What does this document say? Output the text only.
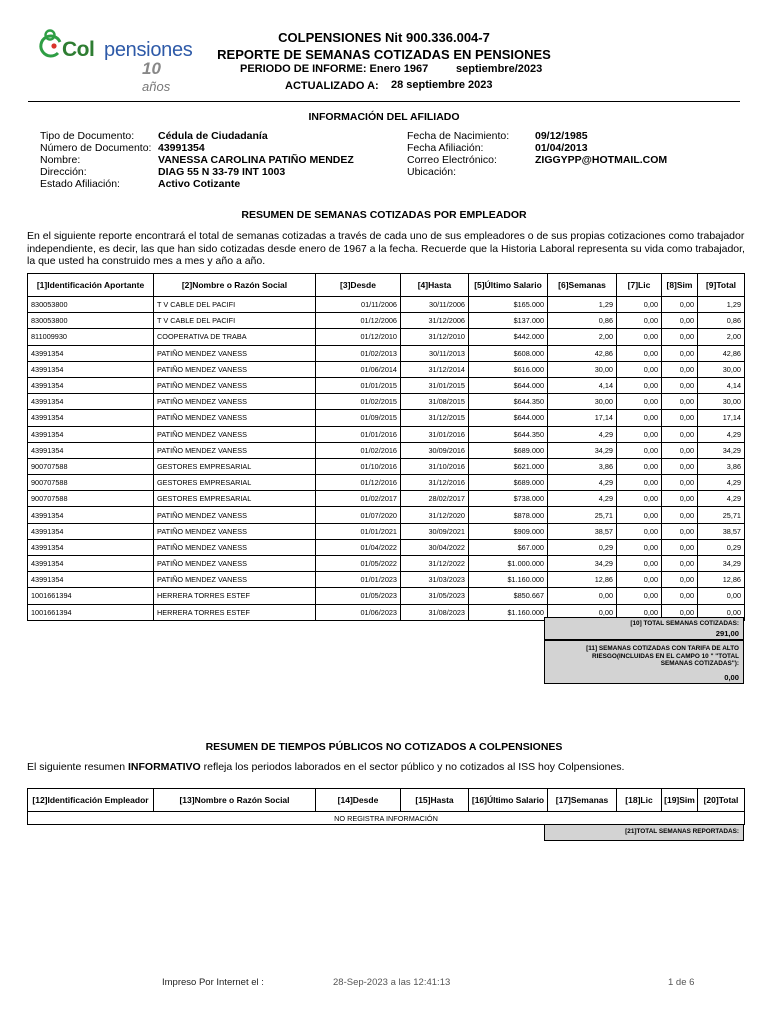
Col pensiones
10 años
COLPENSIONES Nit 900.336.004-7
REPORTE DE SEMANAS COTIZADAS EN PENSIONES
PERIODO DE INFORME: Enero 1967	septiembre/2023
ACTUALIZADO A: 28 septiembre 2023
INFORMACIÓN DEL AFILIADO
Tipo de Documento: Cédula de Ciudadanía
Número de Documento: 43991354
Nombre:	VANESSA CAROLINA PATIÑO MENDEZ
Dirección:	DIAG 55 N 33-79 INT 1003
Estado Afiliación:	Activo Cotizante
Fecha de Nacimiento: 09/12/1985
Fecha Afiliación:	01/04/2013
Correo Electrónico:	ZIGGYPP@HOTMAIL.COM
Ubicación:
RESUMEN DE SEMANAS COTIZADAS POR EMPLEADOR
En el siguiente reporte encontrará el total de semanas cotizadas a través de cada uno de sus empleadores o de sus propias cotizaciones como trabajador independiente, es decir, las que han sido cotizadas desde enero de 1967 a la fecha. Recuerde que la Historia Laboral representa su vida como trabajador, la que usted ha construido mes a mes y año a año.
[1]Identificación Aportante	[2]Nombre o Razón Social	[3]Desde	[4]Hasta	[5]Último Salario	[6]Semanas	[7]Lic	[8]Sim	[9]Total
830053800	T V CABLE DEL PACIFI	01/11/2006	30/11/2006	$165.000	1,29	0,00	0,00	1,29
830053800	T V CABLE DEL PACIFI	01/12/2006	31/12/2006	$137.000	0,86	0,00	0,00	0,86
811009930	COOPERATIVA DE TRABA	01/12/2010	31/12/2010	$442.000	2,00	0,00	0,00	2,00
43991354	PATIÑO MENDEZ VANESS	01/02/2013	30/11/2013	$608.000	42,86	0,00	0,00	42,86
43991354	PATIÑO MENDEZ VANESS	01/06/2014	31/12/2014	$616.000	30,00	0,00	0,00	30,00
43991354	PATIÑO MENDEZ VANESS	01/01/2015	31/01/2015	$644.000	4,14	0,00	0,00	4,14
43991354	PATIÑO MENDEZ VANESS	01/02/2015	31/08/2015	$644.350	30,00	0,00	0,00	30,00
43991354	PATIÑO MENDEZ VANESS	01/09/2015	31/12/2015	$644.000	17,14	0,00	0,00	17,14
43991354	PATIÑO MENDEZ VANESS	01/01/2016	31/01/2016	$644.350	4,29	0,00	0,00	4,29
43991354	PATIÑO MENDEZ VANESS	01/02/2016	30/09/2016	$689.000	34,29	0,00	0,00	34,29
900707588	GESTORES EMPRESARIAL	01/10/2016	31/10/2016	$621.000	3,86	0,00	0,00	3,86
900707588	GESTORES EMPRESARIAL	01/12/2016	31/12/2016	$689.000	4,29	0,00	0,00	4,29
900707588	GESTORES EMPRESARIAL	01/02/2017	28/02/2017	$738.000	4,29	0,00	0,00	4,29
43991354	PATIÑO MENDEZ VANESS	01/07/2020	31/12/2020	$878.000	25,71	0,00	0,00	25,71
43991354	PATIÑO MENDEZ VANESS	01/01/2021	30/09/2021	$909.000	38,57	0,00	0,00	38,57
43991354	PATIÑO MENDEZ VANESS	01/04/2022	30/04/2022	$67.000	0,29	0,00	0,00	0,29
43991354	PATIÑO MENDEZ VANESS	01/05/2022	31/12/2022	$1.000.000	34,29	0,00	0,00	34,29
43991354	PATIÑO MENDEZ VANESS	01/01/2023	31/03/2023	$1.160.000	12,86	0,00	0,00	12,86
1001661394	HERRERA TORRES ESTEF	01/05/2023	31/05/2023	$850.667	0,00	0,00	0,00	0,00
1001661394	HERRERA TORRES ESTEF	01/06/2023	31/08/2023	$1.160.000	0,00	0,00	0,00	0,00
[10] TOTAL SEMANAS COTIZADAS:
291,00
[11] SEMANAS COTIZADAS CON TARIFA DE ALTO
RIESGO(INCLUIDAS EN EL CAMPO 10 " "TOTAL
SEMANAS COTIZADAS"):
0,00
RESUMEN DE TIEMPOS PÚBLICOS NO COTIZADOS A COLPENSIONES
El siguiente resumen INFORMATIVO refleja los periodos laborados en el sector público y no cotizados al ISS hoy Colpensiones.
[12]Identificación Empleador	[13]Nombre o Razón Social	[14]Desde	[15]Hasta	[16]Último Salario	[17]Semanas	[18]Lic	[19]Sim	[20]Total
NO REGISTRA INFORMACIÓN
[21]TOTAL SEMANAS REPORTADAS:
Impreso Por Internet el :	28-Sep-2023 a las 12:41:13	1 de 6
